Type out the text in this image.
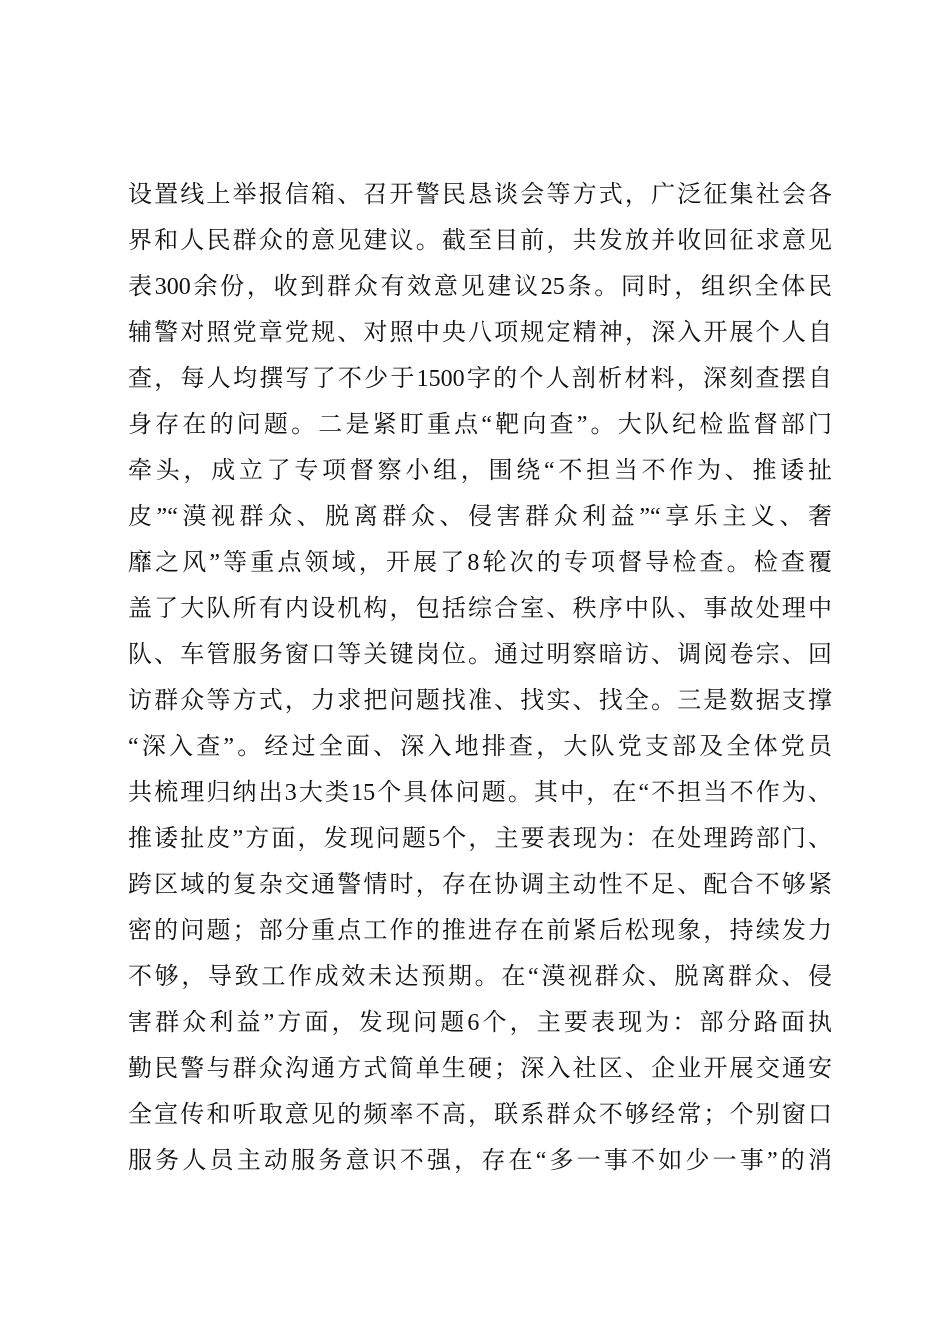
设置线上举报信箱、召开警民恳谈会等方式，广泛征集社会各
界和人民群众的意见建议。截至目前，共发放并收回征求意见
表300余份，收到群众有效意见建议25条。同时，组织全体民
辅警对照党章党规、对照中央八项规定精神，深入开展个人自
查，每人均撰写了不少于1500字的个人剖析材料，深刻查摆自
身存在的问题。二是紧盯重点“靶向查”。大队纪检监督部门
牵头，成立了专项督察小组，围绕“不担当不作为、推诿扯
皮”“漠视群众、脱离群众、侵害群众利益”“享乐主义、奢
靡之风”等重点领域，开展了8轮次的专项督导检查。检查覆
盖了大队所有内设机构，包括综合室、秩序中队、事故处理中
队、车管服务窗口等关键岗位。通过明察暗访、调阅卷宗、回
访群众等方式，力求把问题找准、找实、找全。三是数据支撑
“深入查”。经过全面、深入地排查，大队党支部及全体党员
共梳理归纳出3大类15个具体问题。其中，在“不担当不作为、
推诿扯皮”方面，发现问题5个，主要表现为：在处理跨部门、
跨区域的复杂交通警情时，存在协调主动性不足、配合不够紧
密的问题；部分重点工作的推进存在前紧后松现象，持续发力
不够，导致工作成效未达预期。在“漠视群众、脱离群众、侵
害群众利益”方面，发现问题6个，主要表现为：部分路面执
勤民警与群众沟通方式简单生硬；深入社区、企业开展交通安
全宣传和听取意见的频率不高，联系群众不够经常；个别窗口
服务人员主动服务意识不强，存在“多一事不如少一事”的消
